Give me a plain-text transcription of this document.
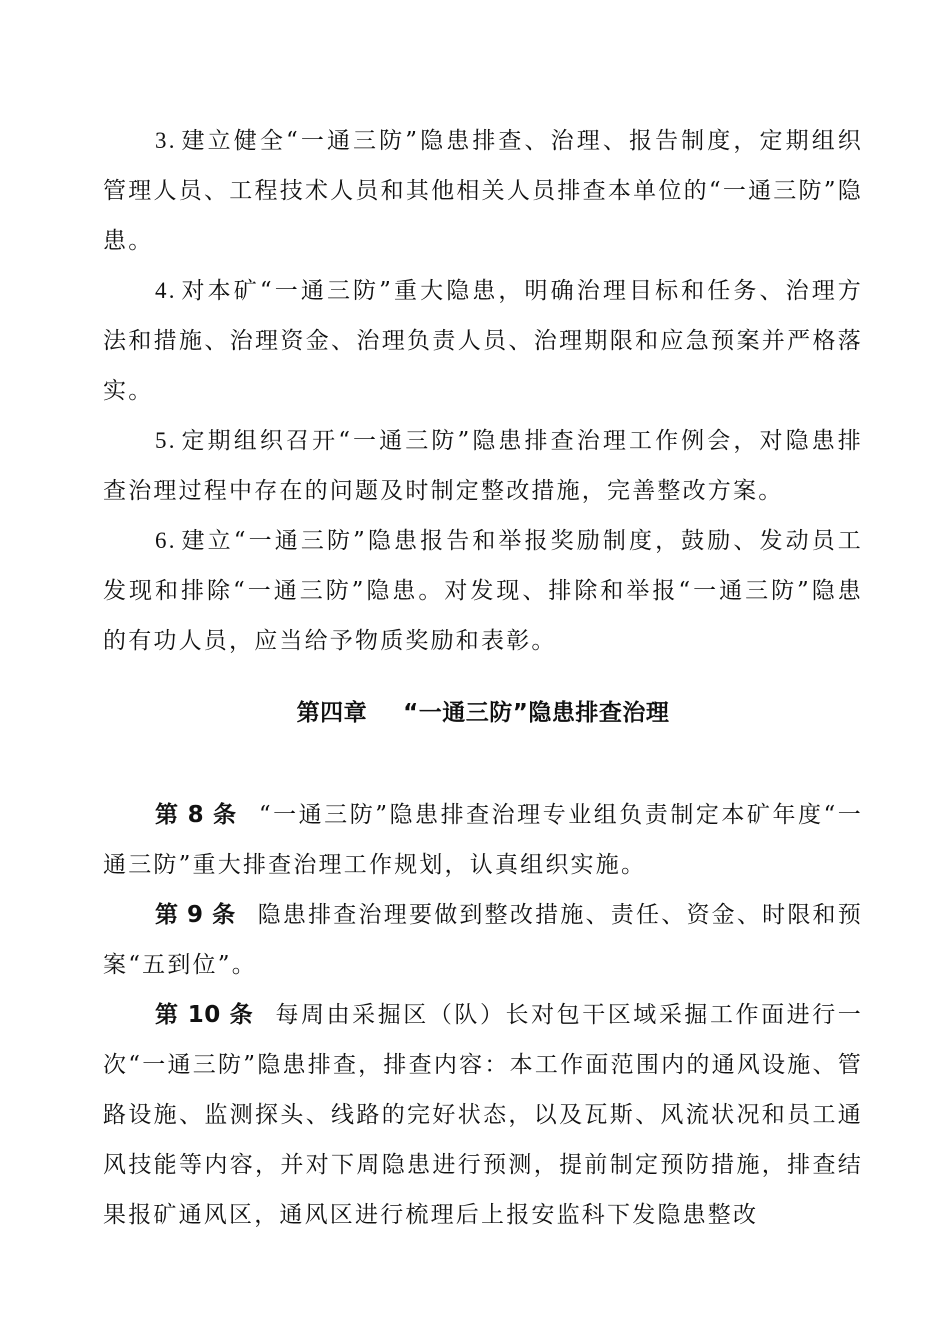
3. 建立健全“一通三防”隐患排查、治理、报告制度，定期组织管理人员、工程技术人员和其他相关人员排查本单位的“一通三防”隐患。

4. 对本矿“一通三防”重大隐患，明确治理目标和任务、治理方法和措施、治理资金、治理负责人员、治理期限和应急预案并严格落实。

5. 定期组织召开“一通三防”隐患排查治理工作例会，对隐患排查治理过程中存在的问题及时制定整改措施，完善整改方案。

6. 建立“一通三防”隐患报告和举报奖励制度，鼓励、发动员工发现和排除“一通三防”隐患。对发现、排除和举报“一通三防”隐患的有功人员，应当给予物质奖励和表彰。

第四章 “一通三防”隐患排查治理

第 8 条 “一通三防”隐患排查治理专业组负责制定本矿年度“一通三防”重大排查治理工作规划，认真组织实施。

第 9 条 隐患排查治理要做到整改措施、责任、资金、时限和预案“五到位”。

第 10 条 每周由采掘区（队）长对包干区域采掘工作面进行一次“一通三防”隐患排查，排查内容：本工作面范围内的通风设施、管路设施、监测探头、线路的完好状态，以及瓦斯、风流状况和员工通风技能等内容，并对下周隐患进行预测，提前制定预防措施，排查结果报矿通风区，通风区进行梳理后上报安监科下发隐患整改
